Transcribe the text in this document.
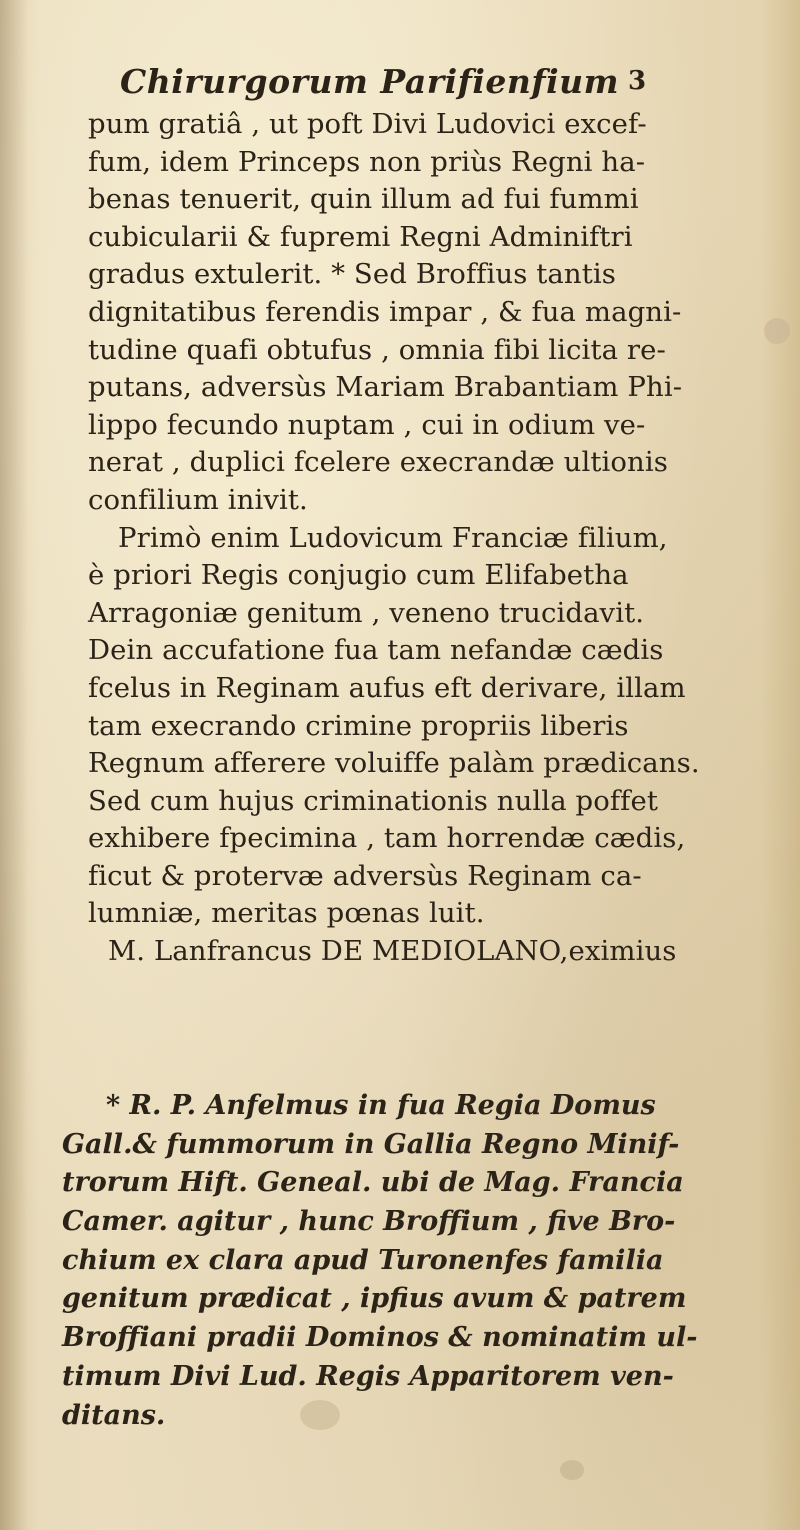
Chirurgorum Parifienfium 3
pum gratiâ , ut poft Divi Ludovici excef-
fum, idem Princeps non priùs Regni ha-
benas tenuerit, quin illum ad fui fummi
cubicularii & fupremi Regni Adminiftri
gradus extulerit. * Sed Broffius tantis
dignitatibus ferendis impar , & fua magni-
tudine quafi obtufus , omnia fibi licita re-
putans, adversùs Mariam Brabantiam Phi-
lippo fecundo nuptam , cui in odium ve-
nerat , duplici fcelere execrandæ ultionis
confilium inivit.
Primò enim Ludovicum Franciæ filium,
è priori Regis conjugio cum Elifabetha
Arragoniæ genitum , veneno trucidavit.
Dein accufatione fua tam nefandæ cædis
fcelus in Reginam aufus eft derivare, illam
tam execrando crimine propriis liberis
Regnum afferere voluiffe palàm prædicans.
Sed cum hujus criminationis nulla poffet
exhibere fpecimina , tam horrendæ cædis,
ficut & protervæ adversùs Reginam ca-
lumniæ, meritas pœnas luit.
M. Lanfrancus DE MEDIOLANO,eximius
* R. P. Anfelmus in fua Regia Domus
Gall.& fummorum in Gallia Regno Minif-
trorum Hift. Geneal. ubi de Mag. Francia
Camer. agitur , hunc Broffium , five Bro-
chium ex clara apud Turonenfes familia
genitum prædicat , ipfius avum & patrem
Broffiani pradii Dominos & nominatim ul-
timum Divi Lud. Regis Apparitorem ven-
ditans.
